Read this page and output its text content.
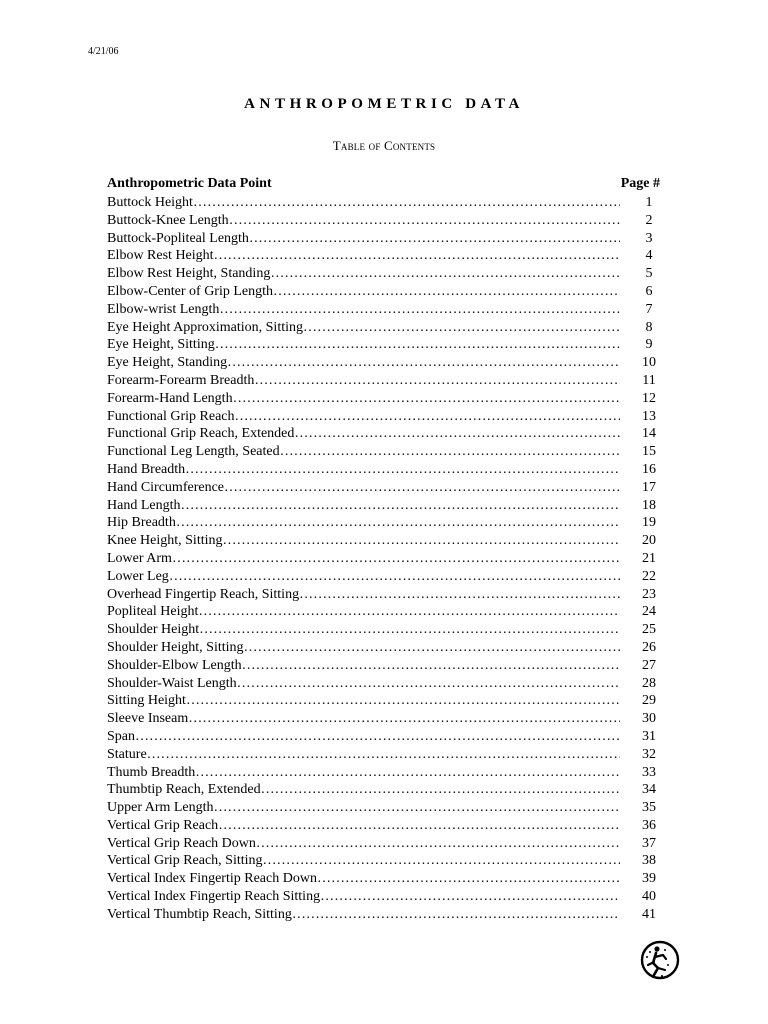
4/21/06
ANTHROPOMETRIC DATA
Table of Contents
Anthropometric Data Point	Page #
Buttock Height ……………………………………………………………………………………………………………………………………………………………………………………………………………………	1
Buttock-Knee Length ……………………………………………………………………………………………………………………………………………………………………………………………………………………	2
Buttock-Popliteal Length ……………………………………………………………………………………………………………………………………………………………………………………………………………………	3
Elbow Rest Height ……………………………………………………………………………………………………………………………………………………………………………………………………………………	4
Elbow Rest Height, Standing ……………………………………………………………………………………………………………………………………………………………………………………………………………………	5
Elbow-Center of Grip Length ……………………………………………………………………………………………………………………………………………………………………………………………………………………	6
Elbow-wrist Length ……………………………………………………………………………………………………………………………………………………………………………………………………………………	7
Eye Height Approximation, Sitting ……………………………………………………………………………………………………………………………………………………………………………………………………………………	8
Eye Height, Sitting ……………………………………………………………………………………………………………………………………………………………………………………………………………………	9
Eye Height, Standing ……………………………………………………………………………………………………………………………………………………………………………………………………………………	10
Forearm-Forearm Breadth ……………………………………………………………………………………………………………………………………………………………………………………………………………………	11
Forearm-Hand Length ……………………………………………………………………………………………………………………………………………………………………………………………………………………	12
Functional Grip Reach ……………………………………………………………………………………………………………………………………………………………………………………………………………………	13
Functional Grip Reach, Extended ……………………………………………………………………………………………………………………………………………………………………………………………………………………	14
Functional Leg Length, Seated ……………………………………………………………………………………………………………………………………………………………………………………………………………………	15
Hand Breadth ……………………………………………………………………………………………………………………………………………………………………………………………………………………	16
Hand Circumference ……………………………………………………………………………………………………………………………………………………………………………………………………………………	17
Hand Length ……………………………………………………………………………………………………………………………………………………………………………………………………………………	18
Hip Breadth ……………………………………………………………………………………………………………………………………………………………………………………………………………………	19
Knee Height, Sitting ……………………………………………………………………………………………………………………………………………………………………………………………………………………	20
Lower Arm ……………………………………………………………………………………………………………………………………………………………………………………………………………………	21
Lower Leg ……………………………………………………………………………………………………………………………………………………………………………………………………………………	22
Overhead Fingertip Reach, Sitting ……………………………………………………………………………………………………………………………………………………………………………………………………………………	23
Popliteal Height ……………………………………………………………………………………………………………………………………………………………………………………………………………………	24
Shoulder Height ……………………………………………………………………………………………………………………………………………………………………………………………………………………	25
Shoulder Height, Sitting ……………………………………………………………………………………………………………………………………………………………………………………………………………………	26
Shoulder-Elbow Length ……………………………………………………………………………………………………………………………………………………………………………………………………………………	27
Shoulder-Waist Length ……………………………………………………………………………………………………………………………………………………………………………………………………………………	28
Sitting Height ……………………………………………………………………………………………………………………………………………………………………………………………………………………	29
Sleeve Inseam ……………………………………………………………………………………………………………………………………………………………………………………………………………………	30
Span ……………………………………………………………………………………………………………………………………………………………………………………………………………………	31
Stature ……………………………………………………………………………………………………………………………………………………………………………………………………………………	32
Thumb Breadth ……………………………………………………………………………………………………………………………………………………………………………………………………………………	33
Thumbtip Reach, Extended ……………………………………………………………………………………………………………………………………………………………………………………………………………………	34
Upper Arm Length ……………………………………………………………………………………………………………………………………………………………………………………………………………………	35
Vertical Grip Reach ……………………………………………………………………………………………………………………………………………………………………………………………………………………	36
Vertical Grip Reach Down ……………………………………………………………………………………………………………………………………………………………………………………………………………………	37
Vertical Grip Reach, Sitting ……………………………………………………………………………………………………………………………………………………………………………………………………………………	38
Vertical Index Fingertip Reach Down ……………………………………………………………………………………………………………………………………………………………………………………………………………………	39
Vertical Index Fingertip Reach Sitting ……………………………………………………………………………………………………………………………………………………………………………………………………………………	40
Vertical Thumbtip Reach, Sitting ……………………………………………………………………………………………………………………………………………………………………………………………………………………	41
